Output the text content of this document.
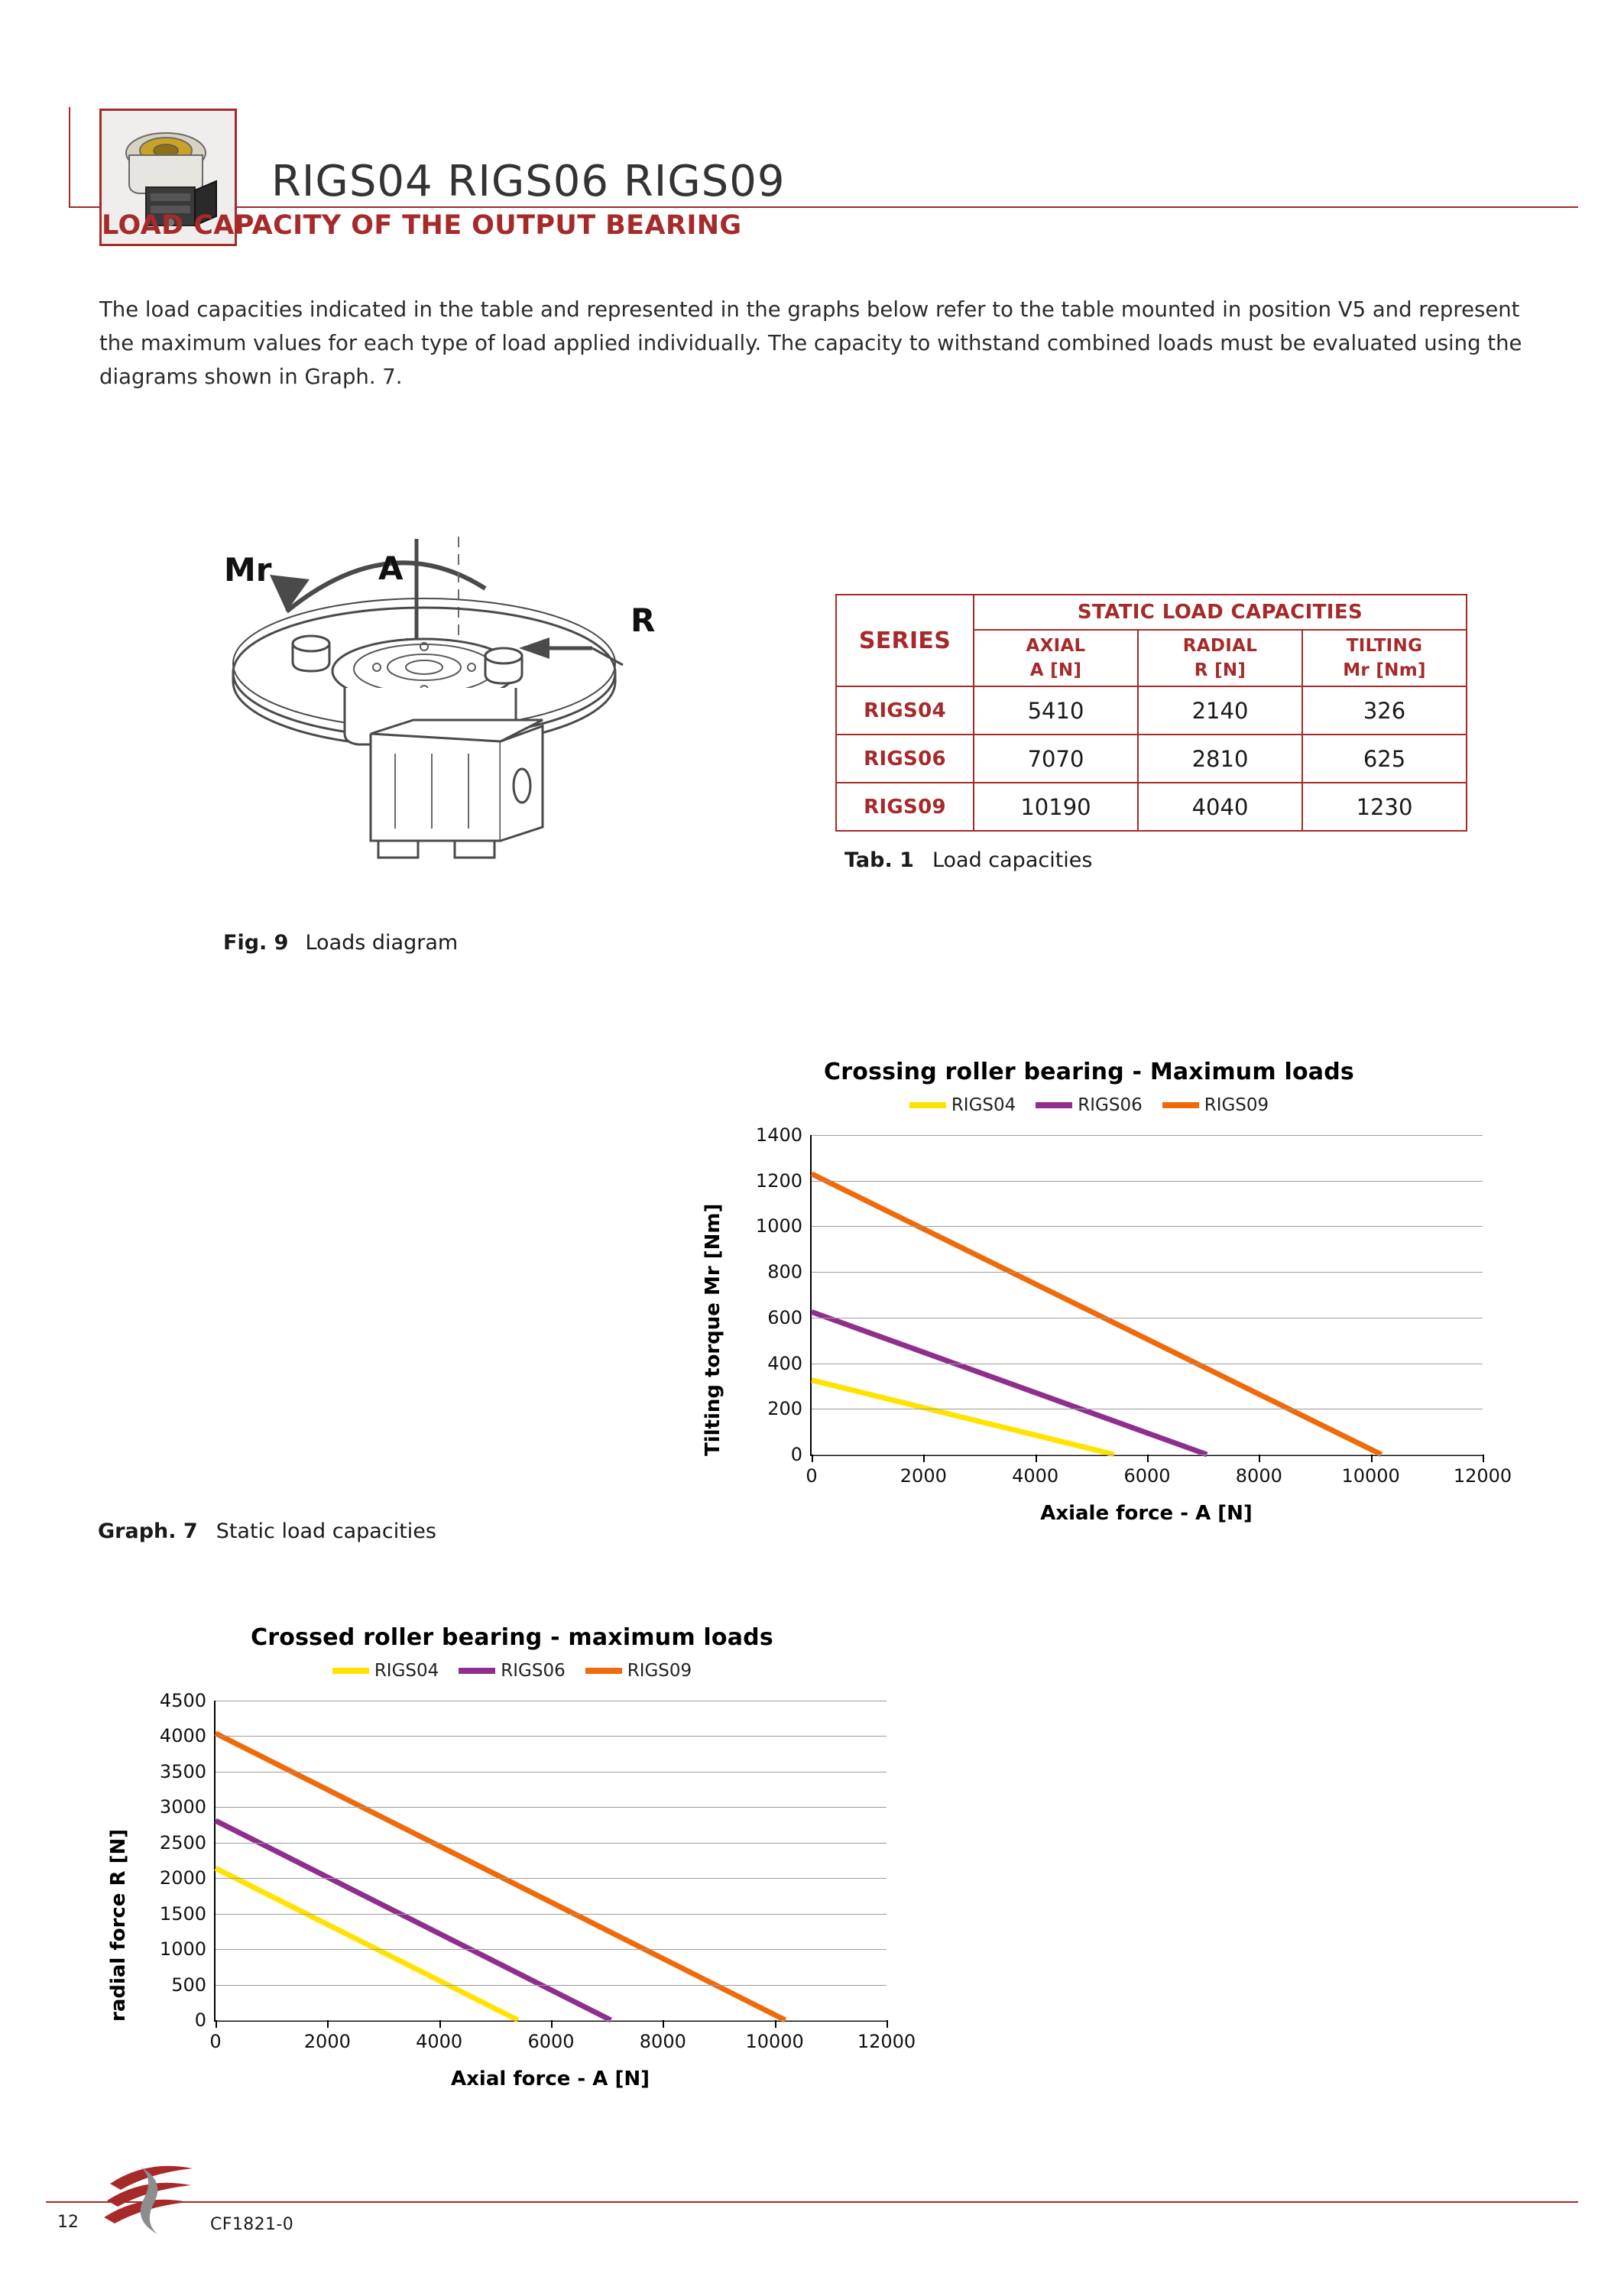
RIGS04 RIGS06 RIGS09
LOAD CAPACITY OF THE OUTPUT BEARING
The load capacities indicated in the table and represented in the graphs below refer to the table mounted in position V5 and represent the maximum values for each type of load applied individually. The capacity to withstand combined loads must be evaluated using the diagrams shown in Graph. 7.
Mr	A
R
Fig. 9 Loads diagram
SERIES	STATIC LOAD CAPACITIES		

AXIAL
A [N]

RADIAL
R [N]

TILTING
Mr [Nm]

RIGS04	5410	2140	326
RIGS06	7070	2810	625
RIGS09	10190	4040	1230
Tab. 1 Load capacities
Crossing roller bearing - Maximum loads
RIGS04	RIGS06	RIGS09
0
200
400
600
800
1000
1200
1400
0	2000	4000	6000	8000	10000	12000
Axiale force - A [N]
Tilting torque Mr [Nm]
Graph. 7 Static load capacities
Crossed roller bearing - maximum loads
RIGS04	RIGS06	RIGS09
0
500
1000
1500
2000
2500
3000
3500
4000
4500
0	2000	4000	6000	8000	10000	12000
Axial force - A [N]
radial force R [N]
12	CF1821-0
